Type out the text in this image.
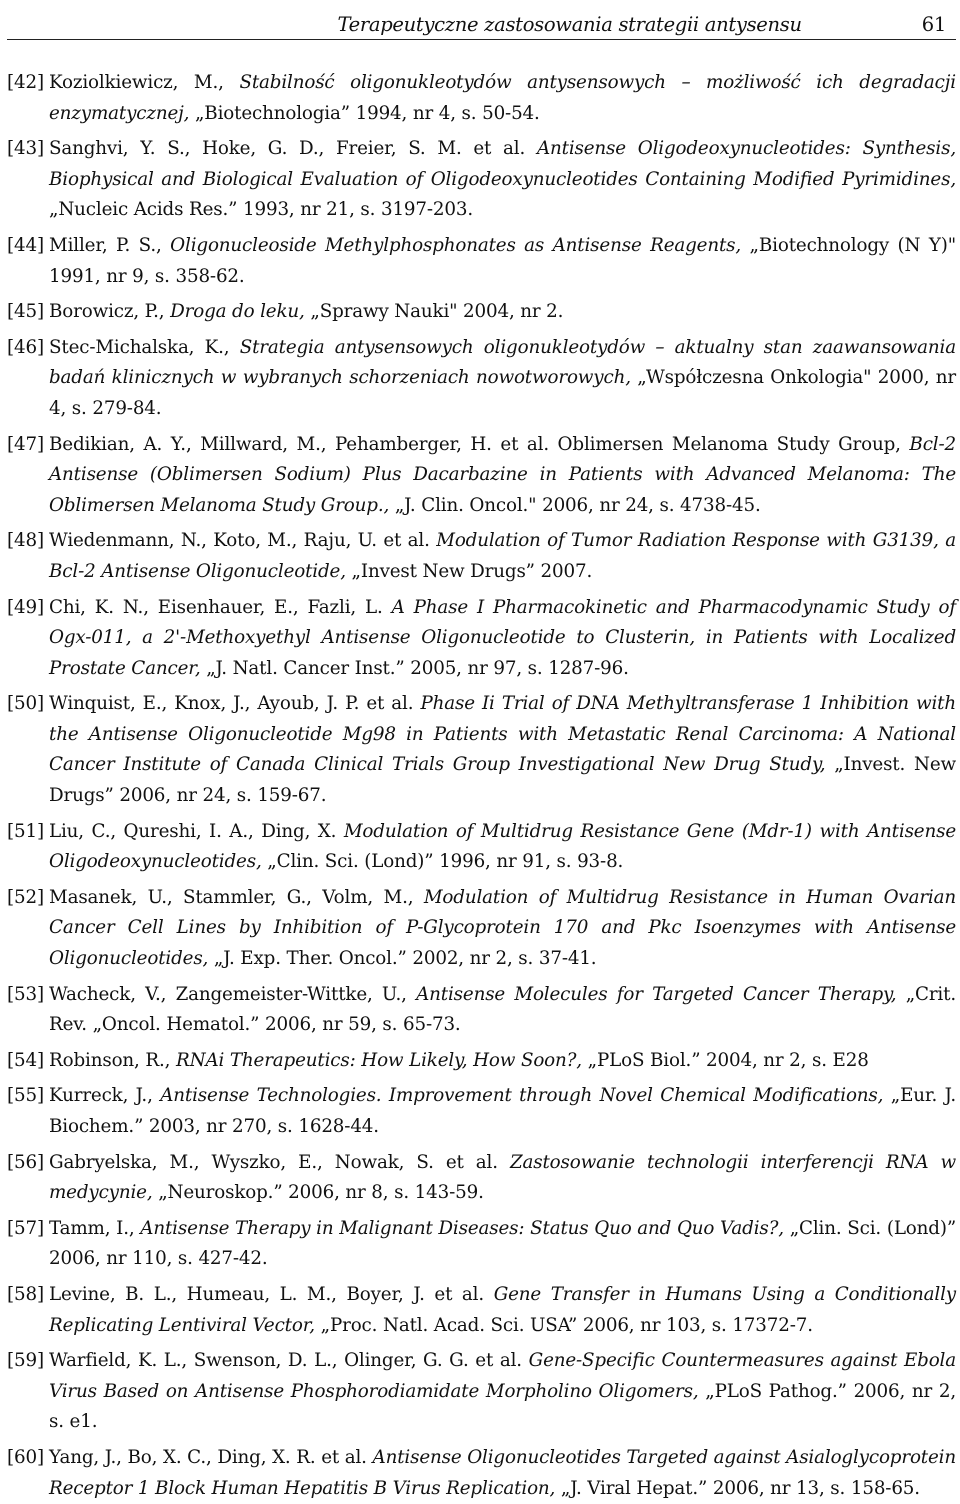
Terapeutyczne zastosowania strategii antysensu	61
[42] Koziolkiewicz, M., Stabilność oligonukleotydów antysensowych – możliwość ich degradacji enzymatycznej, „Biotechnologia” 1994, nr 4, s. 50-54.
[43] Sanghvi, Y. S., Hoke, G. D., Freier, S. M. et al. Antisense Oligodeoxynucleotides: Synthesis, Biophysical and Biological Evaluation of Oligodeoxynucleotides Containing Modified Pyrimidines, „Nucleic Acids Res.” 1993, nr 21, s. 3197-203.
[44] Miller, P. S., Oligonucleoside Methylphosphonates as Antisense Reagents, „Biotechnology (N Y)" 1991, nr 9, s. 358-62.
[45] Borowicz, P., Droga do leku, „Sprawy Nauki" 2004, nr 2.
[46] Stec-Michalska, K., Strategia antysensowych oligonukleotydów – aktualny stan zaawansowania badań klinicznych w wybranych schorzeniach nowotworowych, „Współczesna Onkologia" 2000, nr 4, s. 279-84.
[47] Bedikian, A. Y., Millward, M., Pehamberger, H. et al. Oblimersen Melanoma Study Group, Bcl-2 Antisense (Oblimersen Sodium) Plus Dacarbazine in Patients with Advanced Melanoma: The Oblimersen Melanoma Study Group., „J. Clin. Oncol." 2006, nr 24, s. 4738-45.
[48] Wiedenmann, N., Koto, M., Raju, U. et al. Modulation of Tumor Radiation Response with G3139, a Bcl-2 Antisense Oligonucleotide, „Invest New Drugs” 2007.
[49] Chi, K. N., Eisenhauer, E., Fazli, L. A Phase I Pharmacokinetic and Pharmacodynamic Study of Ogx-011, a 2'-Methoxyethyl Antisense Oligonucleotide to Clusterin, in Patients with Localized Prostate Cancer, „J. Natl. Cancer Inst.” 2005, nr 97, s. 1287-96.
[50] Winquist, E., Knox, J., Ayoub, J. P. et al. Phase Ii Trial of DNA Methyltransferase 1 Inhibition with the Antisense Oligonucleotide Mg98 in Patients with Metastatic Renal Carcinoma: A National Cancer Institute of Canada Clinical Trials Group Investigational New Drug Study, „Invest. New Drugs” 2006, nr 24, s. 159-67.
[51] Liu, C., Qureshi, I. A., Ding, X. Modulation of Multidrug Resistance Gene (Mdr-1) with Antisense Oligodeoxynucleotides, „Clin. Sci. (Lond)” 1996, nr 91, s. 93-8.
[52] Masanek, U., Stammler, G., Volm, M., Modulation of Multidrug Resistance in Human Ovarian Cancer Cell Lines by Inhibition of P-Glycoprotein 170 and Pkc Isoenzymes with Antisense Oligonucleotides, „J. Exp. Ther. Oncol.” 2002, nr 2, s. 37-41.
[53] Wacheck, V., Zangemeister-Wittke, U., Antisense Molecules for Targeted Cancer Therapy, „Crit. Rev. „Oncol. Hematol.” 2006, nr 59, s. 65-73.
[54] Robinson, R., RNAi Therapeutics: How Likely, How Soon?, „PLoS Biol.” 2004, nr 2, s. E28
[55] Kurreck, J., Antisense Technologies. Improvement through Novel Chemical Modifications, „Eur. J. Biochem.” 2003, nr 270, s. 1628-44.
[56] Gabryelska, M., Wyszko, E., Nowak, S. et al. Zastosowanie technologii interferencji RNA w medycynie, „Neuroskop.” 2006, nr 8, s. 143-59.
[57] Tamm, I., Antisense Therapy in Malignant Diseases: Status Quo and Quo Vadis?, „Clin. Sci. (Lond)” 2006, nr 110, s. 427-42.
[58] Levine, B. L., Humeau, L. M., Boyer, J. et al. Gene Transfer in Humans Using a Conditionally Replicating Lentiviral Vector, „Proc. Natl. Acad. Sci. USA” 2006, nr 103, s. 17372-7.
[59] Warfield, K. L., Swenson, D. L., Olinger, G. G. et al. Gene-Specific Countermeasures against Ebola Virus Based on Antisense Phosphorodiamidate Morpholino Oligomers, „PLoS Pathog.” 2006, nr 2, s. e1.
[60] Yang, J., Bo, X. C., Ding, X. R. et al. Antisense Oligonucleotides Targeted against Asialoglycoprotein Receptor 1 Block Human Hepatitis B Virus Replication, „J. Viral Hepat.” 2006, nr 13, s. 158-65.
